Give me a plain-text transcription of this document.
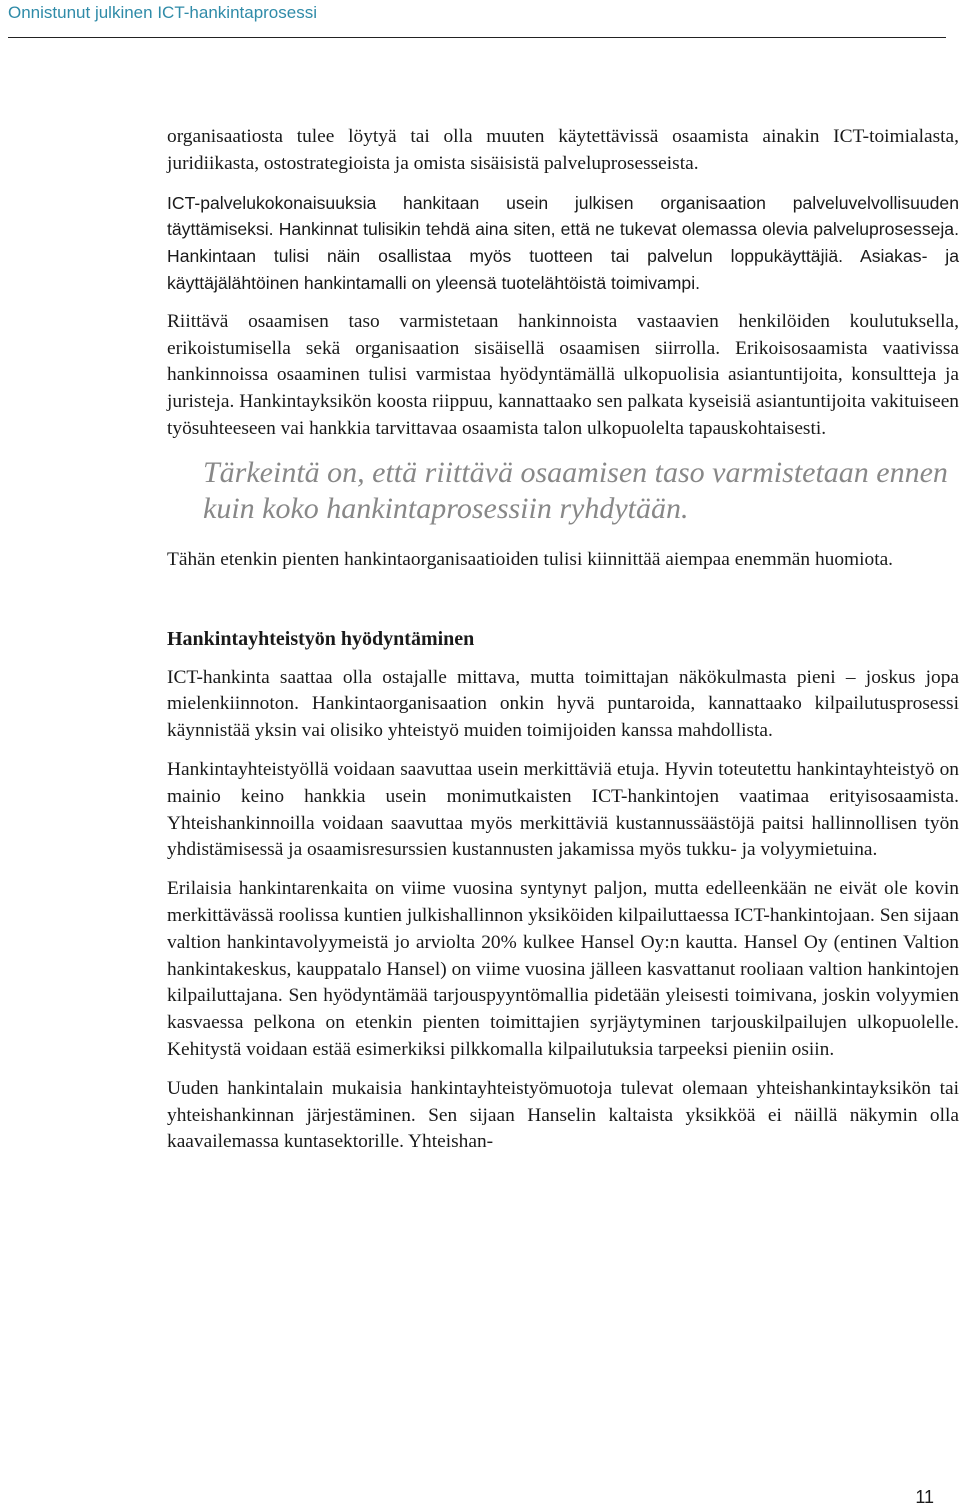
Onnistunut julkinen ICT-hankintaprosessi

organisaatiosta tulee löytyä tai olla muuten käytettävissä osaamista ainakin ICT-toimialasta, juridiikasta, ostostrategioista ja omista sisäisistä palveluprosesseista.

ICT-palvelukokonaisuuksia hankitaan usein julkisen organisaation palveluvelvollisuuden täyttämiseksi. Hankinnat tulisikin tehdä aina siten, että ne tukevat olemassa olevia palveluprosesseja. Hankintaan tulisi näin osallistaa myös tuotteen tai palvelun loppukäyttäjiä. Asiakas- ja käyttäjälähtöinen hankintamalli on yleensä tuotelähtöistä toimivampi.

Riittävä osaamisen taso varmistetaan hankinnoista vastaavien henkilöiden koulutuksella, erikoistumisella sekä organisaation sisäisellä osaamisen siirrolla. Erikoisosaamista vaativissa hankinnoissa osaaminen tulisi varmistaa hyödyntämällä ulkopuolisia asiantuntijoita, konsultteja ja juristeja. Hankintayksikön koosta riippuu, kannattaako sen palkata kyseisiä asiantuntijoita vakituiseen työsuhteeseen vai hankkia tarvittavaa osaamista talon ulkopuolelta tapauskohtaisesti.

Tärkeintä on, että riittävä osaamisen taso varmistetaan ennen kuin koko hankintaprosessiin ryhdytään.

Tähän etenkin pienten hankintaorganisaatioiden tulisi kiinnittää aiempaa enemmän huomiota.

Hankintayhteistyön hyödyntäminen

ICT-hankinta saattaa olla ostajalle mittava, mutta toimittajan näkökulmasta pieni – joskus jopa mielenkiinnoton. Hankintaorganisaation onkin hyvä puntaroida, kannattaako kilpailutusprosessi käynnistää yksin vai olisiko yhteistyö muiden toimijoiden kanssa mahdollista.

Hankintayhteistyöllä voidaan saavuttaa usein merkittäviä etuja. Hyvin toteutettu hankintayhteistyö on mainio keino hankkia usein monimutkaisten ICT-hankintojen vaatimaa erityisosaamista. Yhteishankinnoilla voidaan saavuttaa myös merkittäviä kustannussäästöjä paitsi hallinnollisen työn yhdistämisessä ja osaamisresurssien kustannusten jakamissa myös tukku- ja volyymietuina.

Erilaisia hankintarenkaita on viime vuosina syntynyt paljon, mutta edelleenkään ne eivät ole kovin merkittävässä roolissa kuntien julkishallinnon yksiköiden kilpailuttaessa ICT-hankintojaan. Sen sijaan valtion hankintavolyymeistä jo arviolta 20% kulkee Hansel Oy:n kautta. Hansel Oy (entinen Valtion hankintakeskus, kauppatalo Hansel) on viime vuosina jälleen kasvattanut rooliaan valtion hankintojen kilpailuttajana. Sen hyödyntämää tarjouspyyntömallia pidetään yleisesti toimivana, joskin volyymien kasvaessa pelkona on etenkin pienten toimittajien syrjäytyminen tarjouskilpailujen ulkopuolelle. Kehitystä voidaan estää esimerkiksi pilkkomalla kilpailutuksia tarpeeksi pieniin osiin.

Uuden hankintalain mukaisia hankintayhteistyömuotoja tulevat olemaan yhteishankintayksikön tai yhteishankinnan järjestäminen. Sen sijaan Hanselin kaltaista yksikköä ei näillä näkymin olla kaavailemassa kuntasektorille. Yhteishan-

11
